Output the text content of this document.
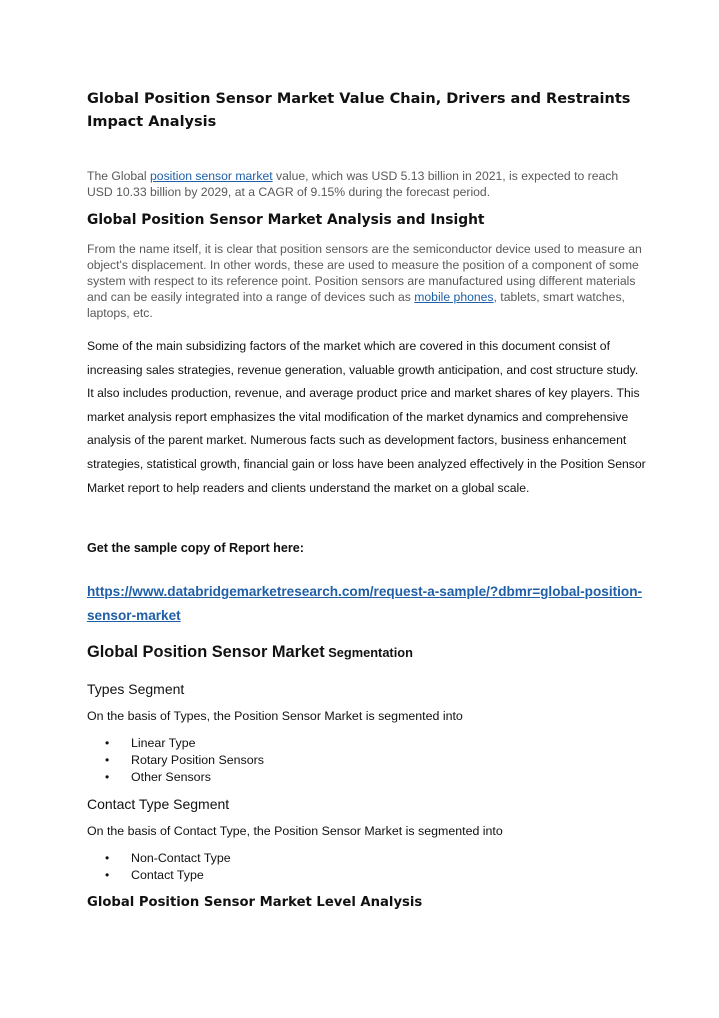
Global Position Sensor Market Value Chain, Drivers and Restraints Impact Analysis
The Global position sensor market value, which was USD 5.13 billion in 2021, is expected to reach USD 10.33 billion by 2029, at a CAGR of 9.15% during the forecast period.
Global Position Sensor Market Analysis and Insight
From the name itself, it is clear that position sensors are the semiconductor device used to measure an object's displacement. In other words, these are used to measure the position of a component of some system with respect to its reference point. Position sensors are manufactured using different materials and can be easily integrated into a range of devices such as mobile phones, tablets, smart watches, laptops, etc.
Some of the main subsidizing factors of the market which are covered in this document consist of increasing sales strategies, revenue generation, valuable growth anticipation, and cost structure study. It also includes production, revenue, and average product price and market shares of key players. This market analysis report emphasizes the vital modification of the market dynamics and comprehensive analysis of the parent market. Numerous facts such as development factors, business enhancement strategies, statistical growth, financial gain or loss have been analyzed effectively in the Position Sensor Market report to help readers and clients understand the market on a global scale.
Get the sample copy of Report here:
https://www.databridgemarketresearch.com/request-a-sample/?dbmr=global-position-sensor-market
Global Position Sensor Market Segmentation
Types Segment
On the basis of Types, the Position Sensor Market is segmented into
• Linear Type
• Rotary Position Sensors
• Other Sensors
Contact Type Segment
On the basis of Contact Type, the Position Sensor Market is segmented into
• Non-Contact Type
• Contact Type
Global Position Sensor Market Level Analysis
